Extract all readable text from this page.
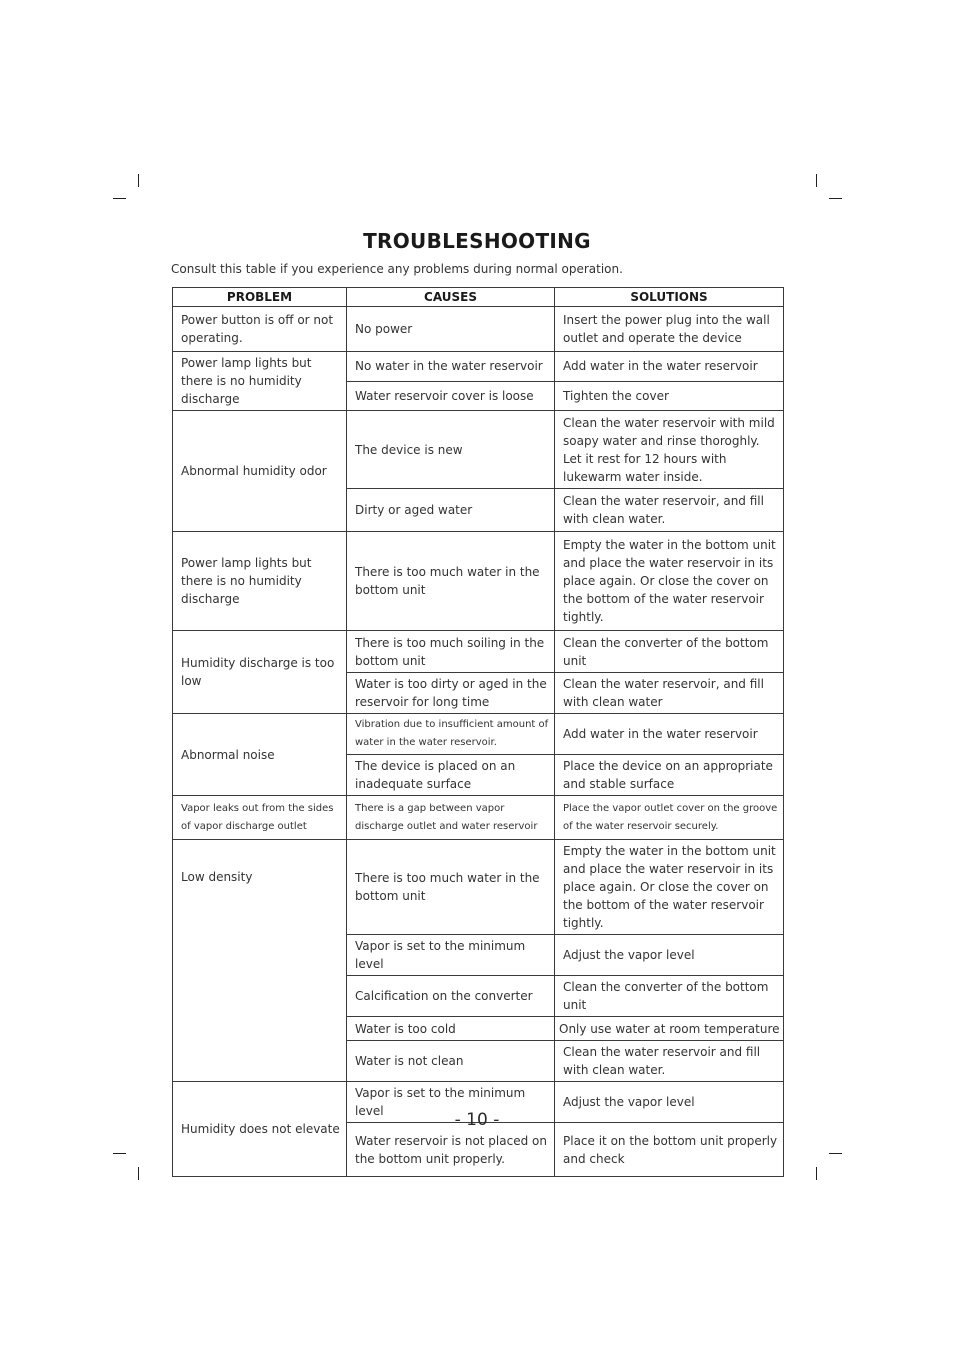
TROUBLESHOOTING
Consult this table if you experience any problems during normal operation.
PROBLEM	CAUSES	SOLUTIONS
Power button is off or not operating.	No power	Insert the power plug into the wall outlet and operate the device
Power lamp lights but there is no humidity discharge	No water in the water reservoir	Add water in the water reservoir
	Water reservoir cover is loose	Tighten the cover
Abnormal humidity odor	The device is new	Clean the water reservoir with mild soapy water and rinse thoroghly. Let it rest for 12 hours with lukewarm water inside.
	Dirty or aged water	Clean the water reservoir, and fill with clean water.
Power lamp lights but there is no humidity discharge	There is too much water in the bottom unit	Empty the water in the bottom unit and place the water reservoir in its place again. Or close the cover on the bottom of the water reservoir tightly.
Humidity discharge is too low	There is too much soiling in the bottom unit	Clean the converter of the bottom unit
	Water is too dirty or aged in the reservoir for long time	Clean the water reservoir, and fill with clean water
Abnormal noise	Vibration due to insufficient amount of water in the water reservoir.	Add water in the water reservoir
	The device is placed on an inadequate surface	Place the device on an appropriate and stable surface
Vapor leaks out from the sides of vapor discharge outlet	There is a gap between vapor discharge outlet and water reservoir	Place the vapor outlet cover on the groove of the water reservoir securely.
Low density	There is too much water in the bottom unit	Empty the water in the bottom unit and place the water reservoir in its place again. Or close the cover on the bottom of the water reservoir tightly.
	Vapor is set to the minimum level	Adjust the vapor level
	Calcification on the converter	Clean the converter of the bottom unit
	Water is too cold	Only use water at room temperature
	Water is not clean	Clean the water reservoir and fill with clean water.
Humidity does not elevate	Vapor is set to the minimum level	Adjust the vapor level
	Water reservoir is not placed on the bottom unit properly.	Place it on the bottom unit properly and check
- 10 -
